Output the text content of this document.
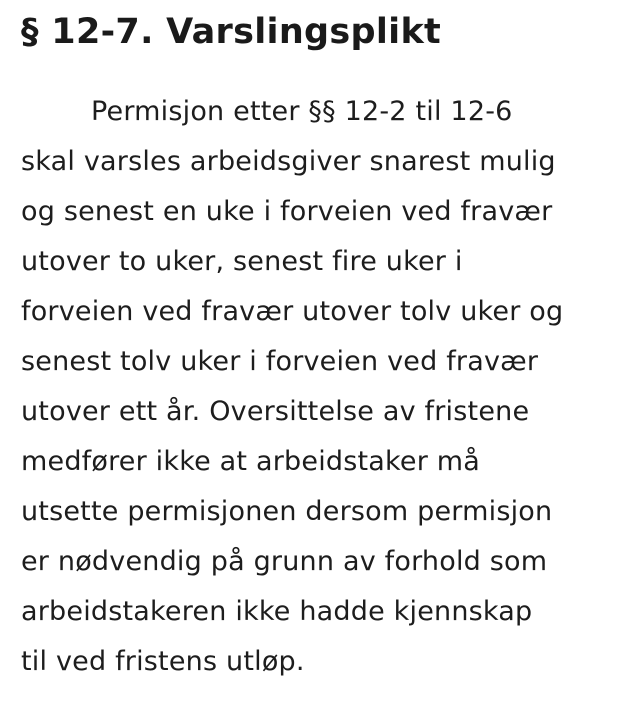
§ 12-7. Varslingsplikt

Permisjon etter §§ 12-2 til 12-6
skal varsles arbeidsgiver snarest mulig
og senest en uke i forveien ved fravær
utover to uker, senest fire uker i
forveien ved fravær utover tolv uker og
senest tolv uker i forveien ved fravær
utover ett år. Oversittelse av fristene
medfører ikke at arbeidstaker må
utsette permisjonen dersom permisjon
er nødvendig på grunn av forhold som
arbeidstakeren ikke hadde kjennskap
til ved fristens utløp.
